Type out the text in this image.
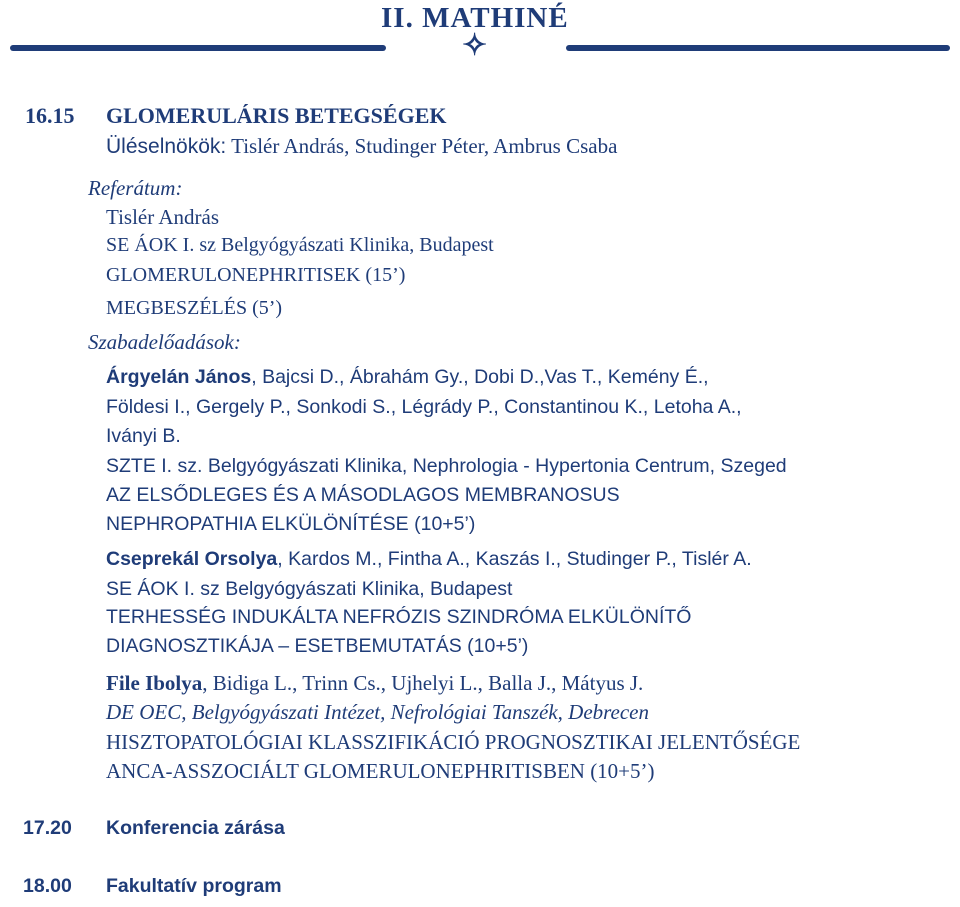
II. MATHINÉ
✧
16.15 GLOMERULÁRIS BETEGSÉGEK
Üléselnökök: Tislér András, Studinger Péter, Ambrus Csaba
Referátum:
Tislér András
SE ÁOK I. sz Belgyógyászati Klinika, Budapest
GLOMERULONEPHRITISEK (15’)
MEGBESZÉLÉS (5’)
Szabadelőadások:
Árgyelán János, Bajcsi D., Ábrahám Gy., Dobi D.,Vas T., Kemény É.,
Földesi I., Gergely P., Sonkodi S., Légrády P., Constantinou K., Letoha A.,
Iványi B.
SZTE I. sz. Belgyógyászati Klinika, Nephrologia - Hypertonia Centrum, Szeged
AZ ELSŐDLEGES ÉS A MÁSODLAGOS MEMBRANOSUS
NEPHROPATHIA ELKÜLÖNÍTÉSE (10+5’)
Cseprekál Orsolya, Kardos M., Fintha A., Kaszás I., Studinger P., Tislér A.
SE ÁOK I. sz Belgyógyászati Klinika, Budapest
TERHESSÉG INDUKÁLTA NEFRÓZIS SZINDRÓMA ELKÜLÖNÍTŐ
DIAGNOSZTIKÁJA – ESETBEMUTATÁS (10+5’)
File Ibolya, Bidiga L., Trinn Cs., Ujhelyi L., Balla J., Mátyus J.
DE OEC, Belgyógyászati Intézet, Nefrológiai Tanszék, Debrecen
HISZTOPATOLÓGIAI KLASSZIFIKÁCIÓ PROGNOSZTIKAI JELENTŐSÉGE
ANCA-ASSZOCIÁLT GLOMERULONEPHRITISBEN (10+5’)
17.20 Konferencia zárása
18.00 Fakultatív program
